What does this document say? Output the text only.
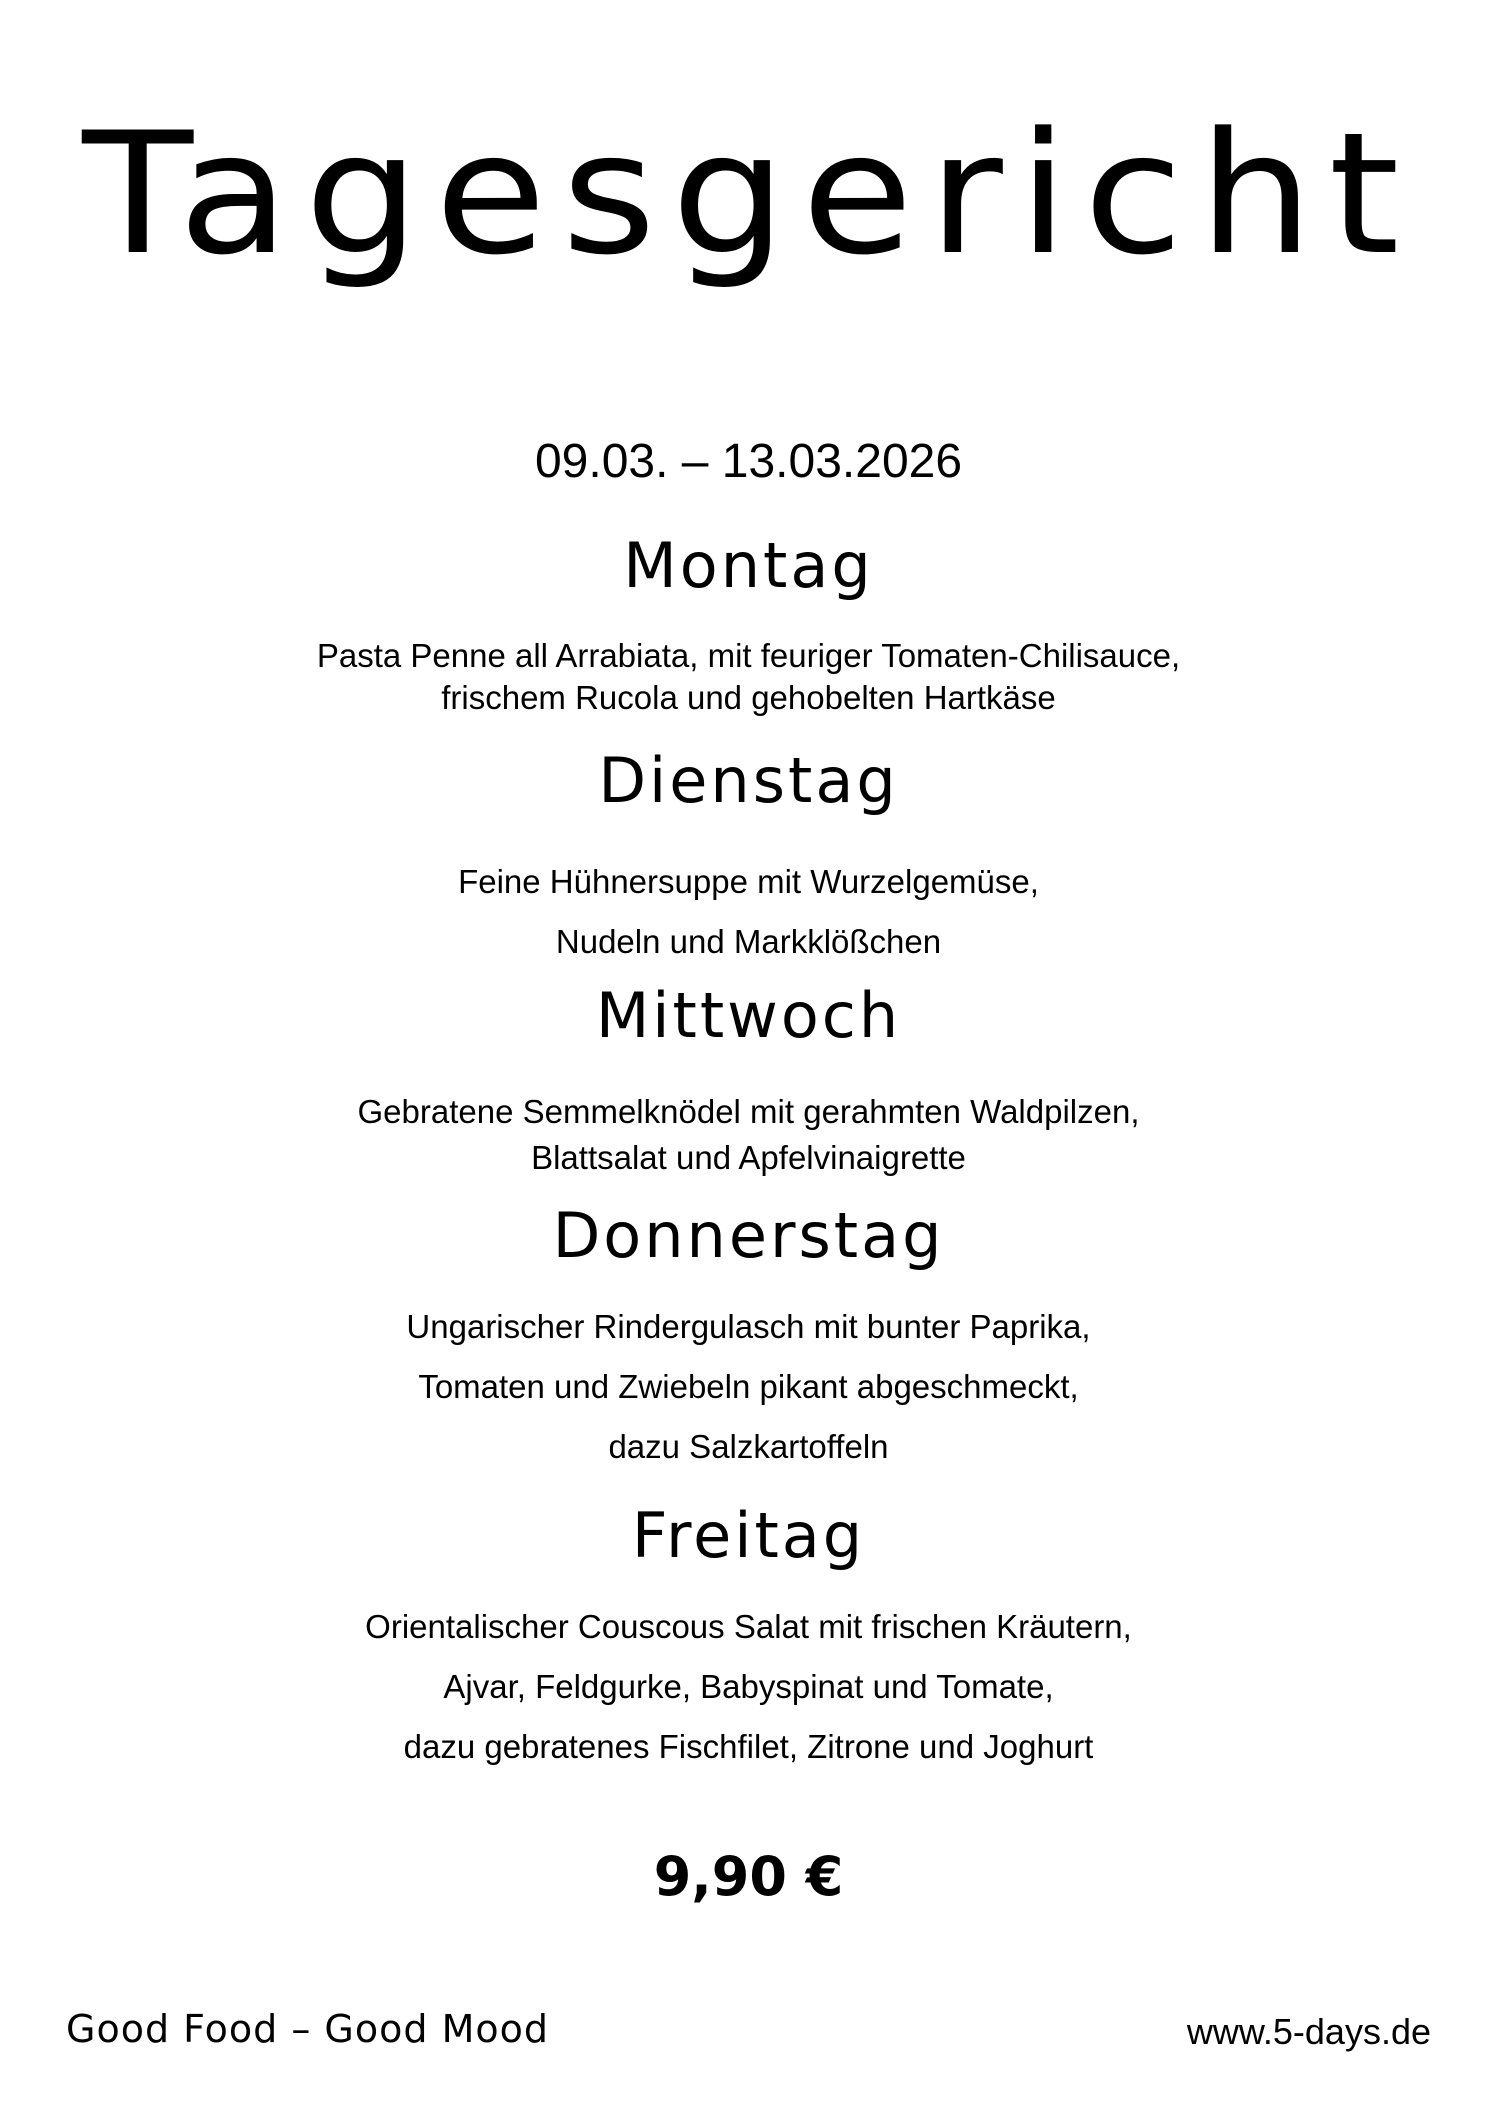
Tagesgericht
09.03. – 13.03.2026
Montag
Pasta Penne all Arrabiata, mit feuriger Tomaten-Chilisauce,
frischem Rucola und gehobelten Hartkäse
Dienstag
Feine Hühnersuppe mit Wurzelgemüse,
Nudeln und Markklößchen
Mittwoch
Gebratene Semmelknödel mit gerahmten Waldpilzen,
Blattsalat und Apfelvinaigrette
Donnerstag
Ungarischer Rindergulasch mit bunter Paprika,
Tomaten und Zwiebeln pikant abgeschmeckt,
dazu Salzkartoffeln
Freitag
Orientalischer Couscous Salat mit frischen Kräutern,
Ajvar, Feldgurke, Babyspinat und Tomate,
dazu gebratenes Fischfilet, Zitrone und Joghurt
9,90 €
Good Food – Good Mood	www.5-days.de
